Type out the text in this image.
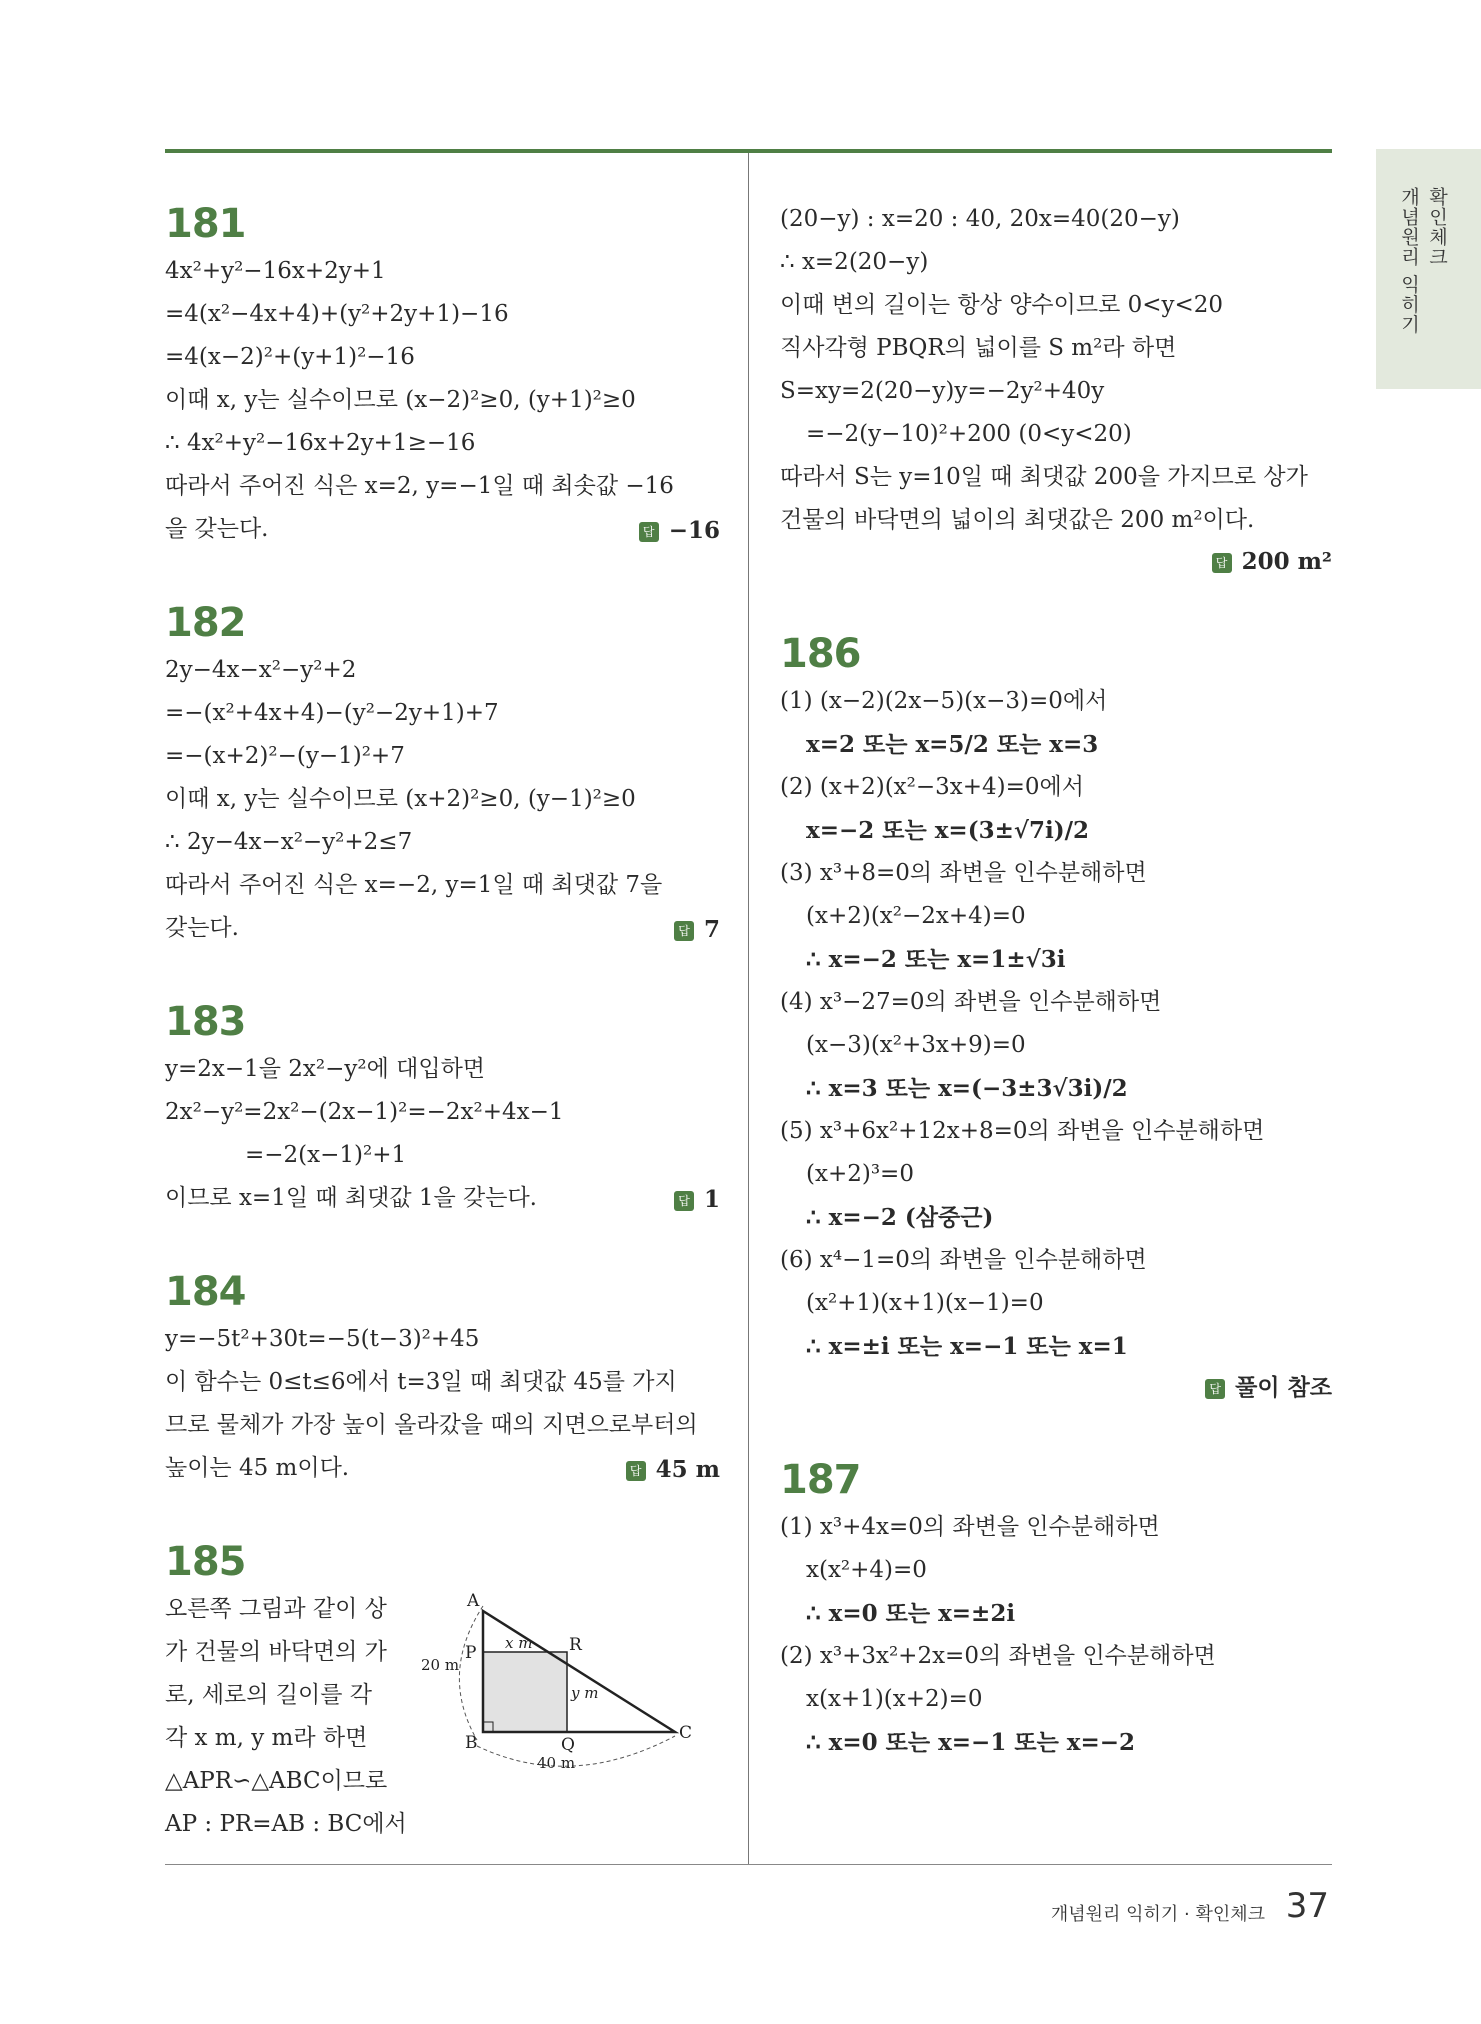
개념원리 익히기 확인체크
181
4x²+y²−16x+2y+1
=4(x²−4x+4)+(y²+2y+1)−16
=4(x−2)²+(y+1)²−16
이때 x, y는 실수이므로 (x−2)²≥0, (y+1)²≥0
∴ 4x²+y²−16x+2y+1≥−16
따라서 주어진 식은 x=2, y=−1일 때 최솟값 −16
을 갖는다.	답 −16
182
2y−4x−x²−y²+2
=−(x²+4x+4)−(y²−2y+1)+7
=−(x+2)²−(y−1)²+7
이때 x, y는 실수이므로 (x+2)²≥0, (y−1)²≥0
∴ 2y−4x−x²−y²+2≤7
따라서 주어진 식은 x=−2, y=1일 때 최댓값 7을
갖는다.	답 7
183
y=2x−1을 2x²−y²에 대입하면
2x²−y²=2x²−(2x−1)²=−2x²+4x−1
=−2(x−1)²+1
이므로 x=1일 때 최댓값 1을 갖는다.	답 1
184
y=−5t²+30t=−5(t−3)²+45
이 함수는 0≤t≤6에서 t=3일 때 최댓값 45를 가지
므로 물체가 가장 높이 올라갔을 때의 지면으로부터의
높이는 45 m이다.	답 45 m
185
오른쪽 그림과 같이 상
가 건물의 바닥면의 가
로, 세로의 길이를 각
각 x m, y m라 하면
△APR∽△ABC이므로
AP : PR=AB : BC에서
A
P	R
B	Q
C
x m
y m
20 m
40 m
(20−y) : x=20 : 40, 20x=40(20−y)
∴ x=2(20−y)
이때 변의 길이는 항상 양수이므로 0<y<20
직사각형 PBQR의 넓이를 S m²라 하면
S=xy=2(20−y)y=−2y²+40y
=−2(y−10)²+200 (0<y<20)
따라서 S는 y=10일 때 최댓값 200을 가지므로 상가
건물의 바닥면의 넓이의 최댓값은 200 m²이다.
답 200 m²
186
(1) (x−2)(2x−5)(x−3)=0에서
x=2 또는 x=5/2 또는 x=3
(2) (x+2)(x²−3x+4)=0에서
x=−2 또는 x=(3±√7i)/2
(3) x³+8=0의 좌변을 인수분해하면
(x+2)(x²−2x+4)=0
∴ x=−2 또는 x=1±√3i
(4) x³−27=0의 좌변을 인수분해하면
(x−3)(x²+3x+9)=0
∴ x=3 또는 x=(−3±3√3i)/2
(5) x³+6x²+12x+8=0의 좌변을 인수분해하면
(x+2)³=0
∴ x=−2 (삼중근)
(6) x⁴−1=0의 좌변을 인수분해하면
(x²+1)(x+1)(x−1)=0
∴ x=±i 또는 x=−1 또는 x=1
답 풀이 참조
187
(1) x³+4x=0의 좌변을 인수분해하면
x(x²+4)=0
∴ x=0 또는 x=±2i
(2) x³+3x²+2x=0의 좌변을 인수분해하면
x(x+1)(x+2)=0
∴ x=0 또는 x=−1 또는 x=−2
개념원리 익히기 · 확인체크 37
